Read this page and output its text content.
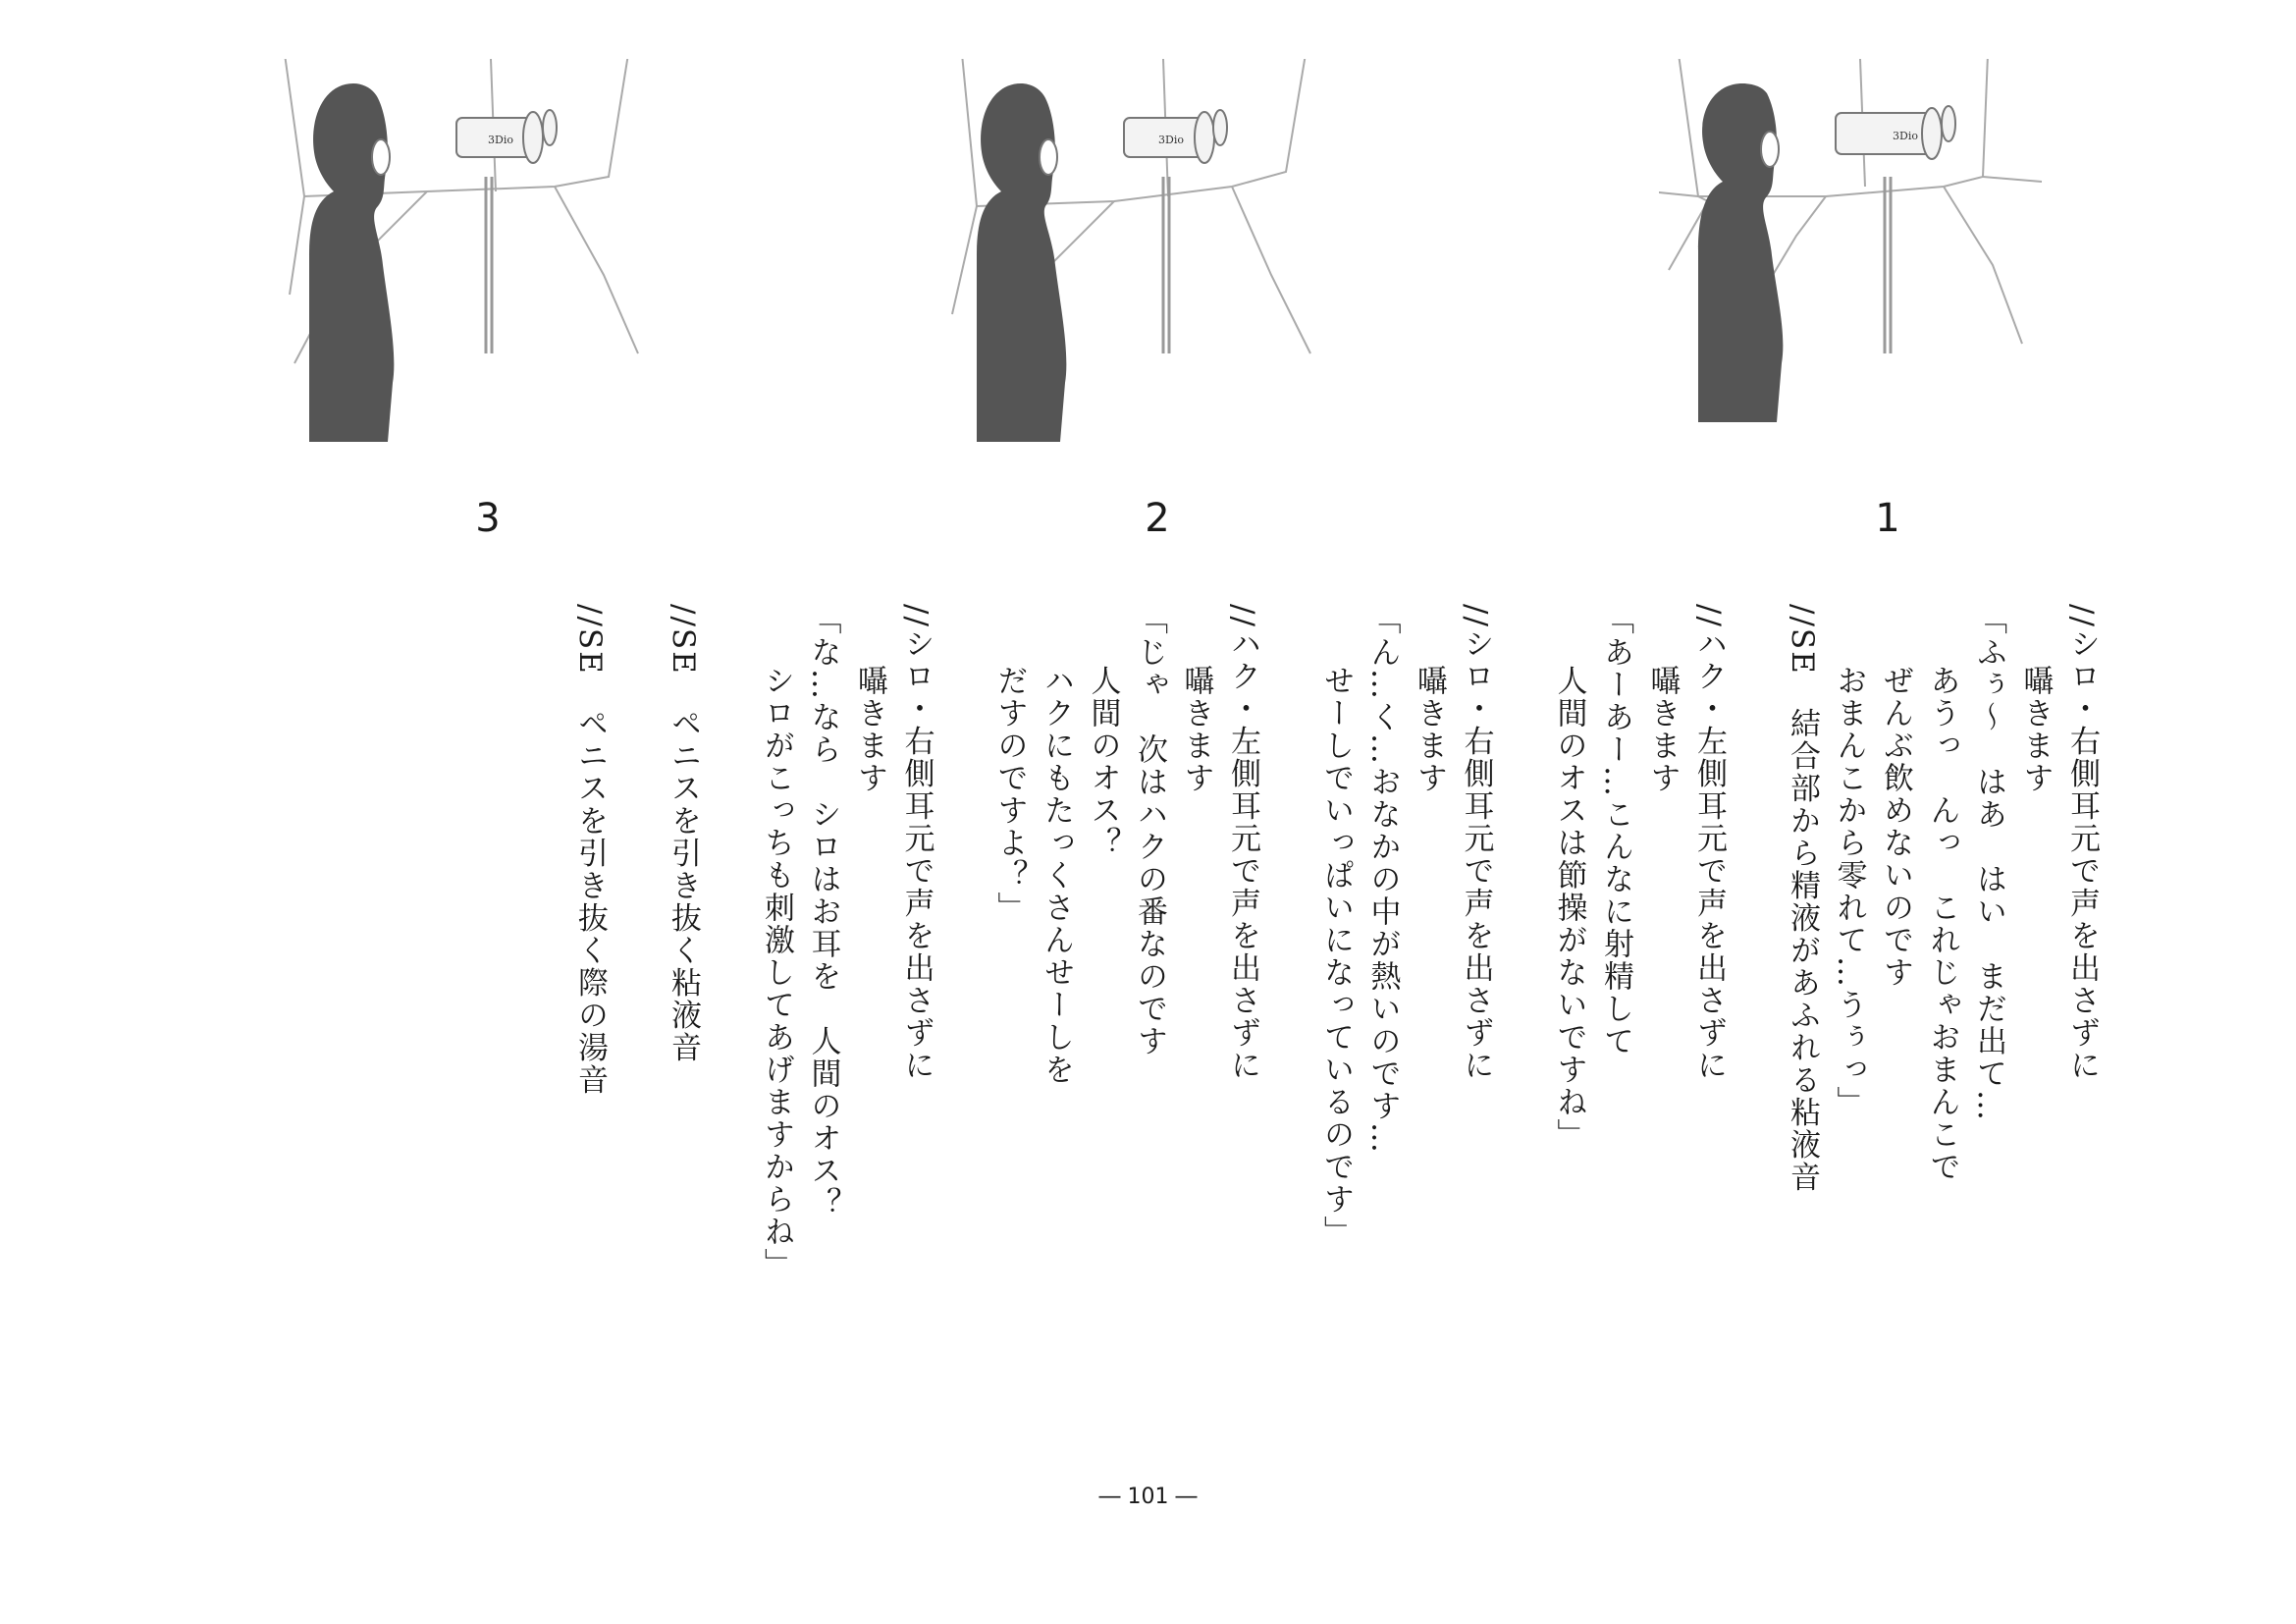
3Dio
3
3Dio
2
3Dio
1
//シロ・右側耳元で声を出さずに
囁きます
「ふぅ～　はあ　はい　まだ出て…
あうっ　んっ　これじゃおまんこで
ぜんぶ飲めないのです
おまんこから零れて…うぅっ」
//SE　結合部から精液があふれる粘液音

//ハク・左側耳元で声を出さずに
囁きます
「あーあー…こんなに射精して
人間のオスは節操がないですね」

//シロ・右側耳元で声を出さずに
囁きます
「ん…く…おなかの中が熱いのです…
せーしでいっぱいになっているのです」

//ハク・左側耳元で声を出さずに
囁きます
「じゃ　次はハクの番なのです
人間のオス？
ハクにもたっくさんせーしを
だすのですよ？」

//シロ・右側耳元で声を出さずに
囁きます
「な…なら　シロはお耳を　人間のオス？
シロがこっちも刺激してあげますからね」

//SE　ペニスを引き抜く粘液音

//SE　ペニスを引き抜く際の湯音
― 101 ―
